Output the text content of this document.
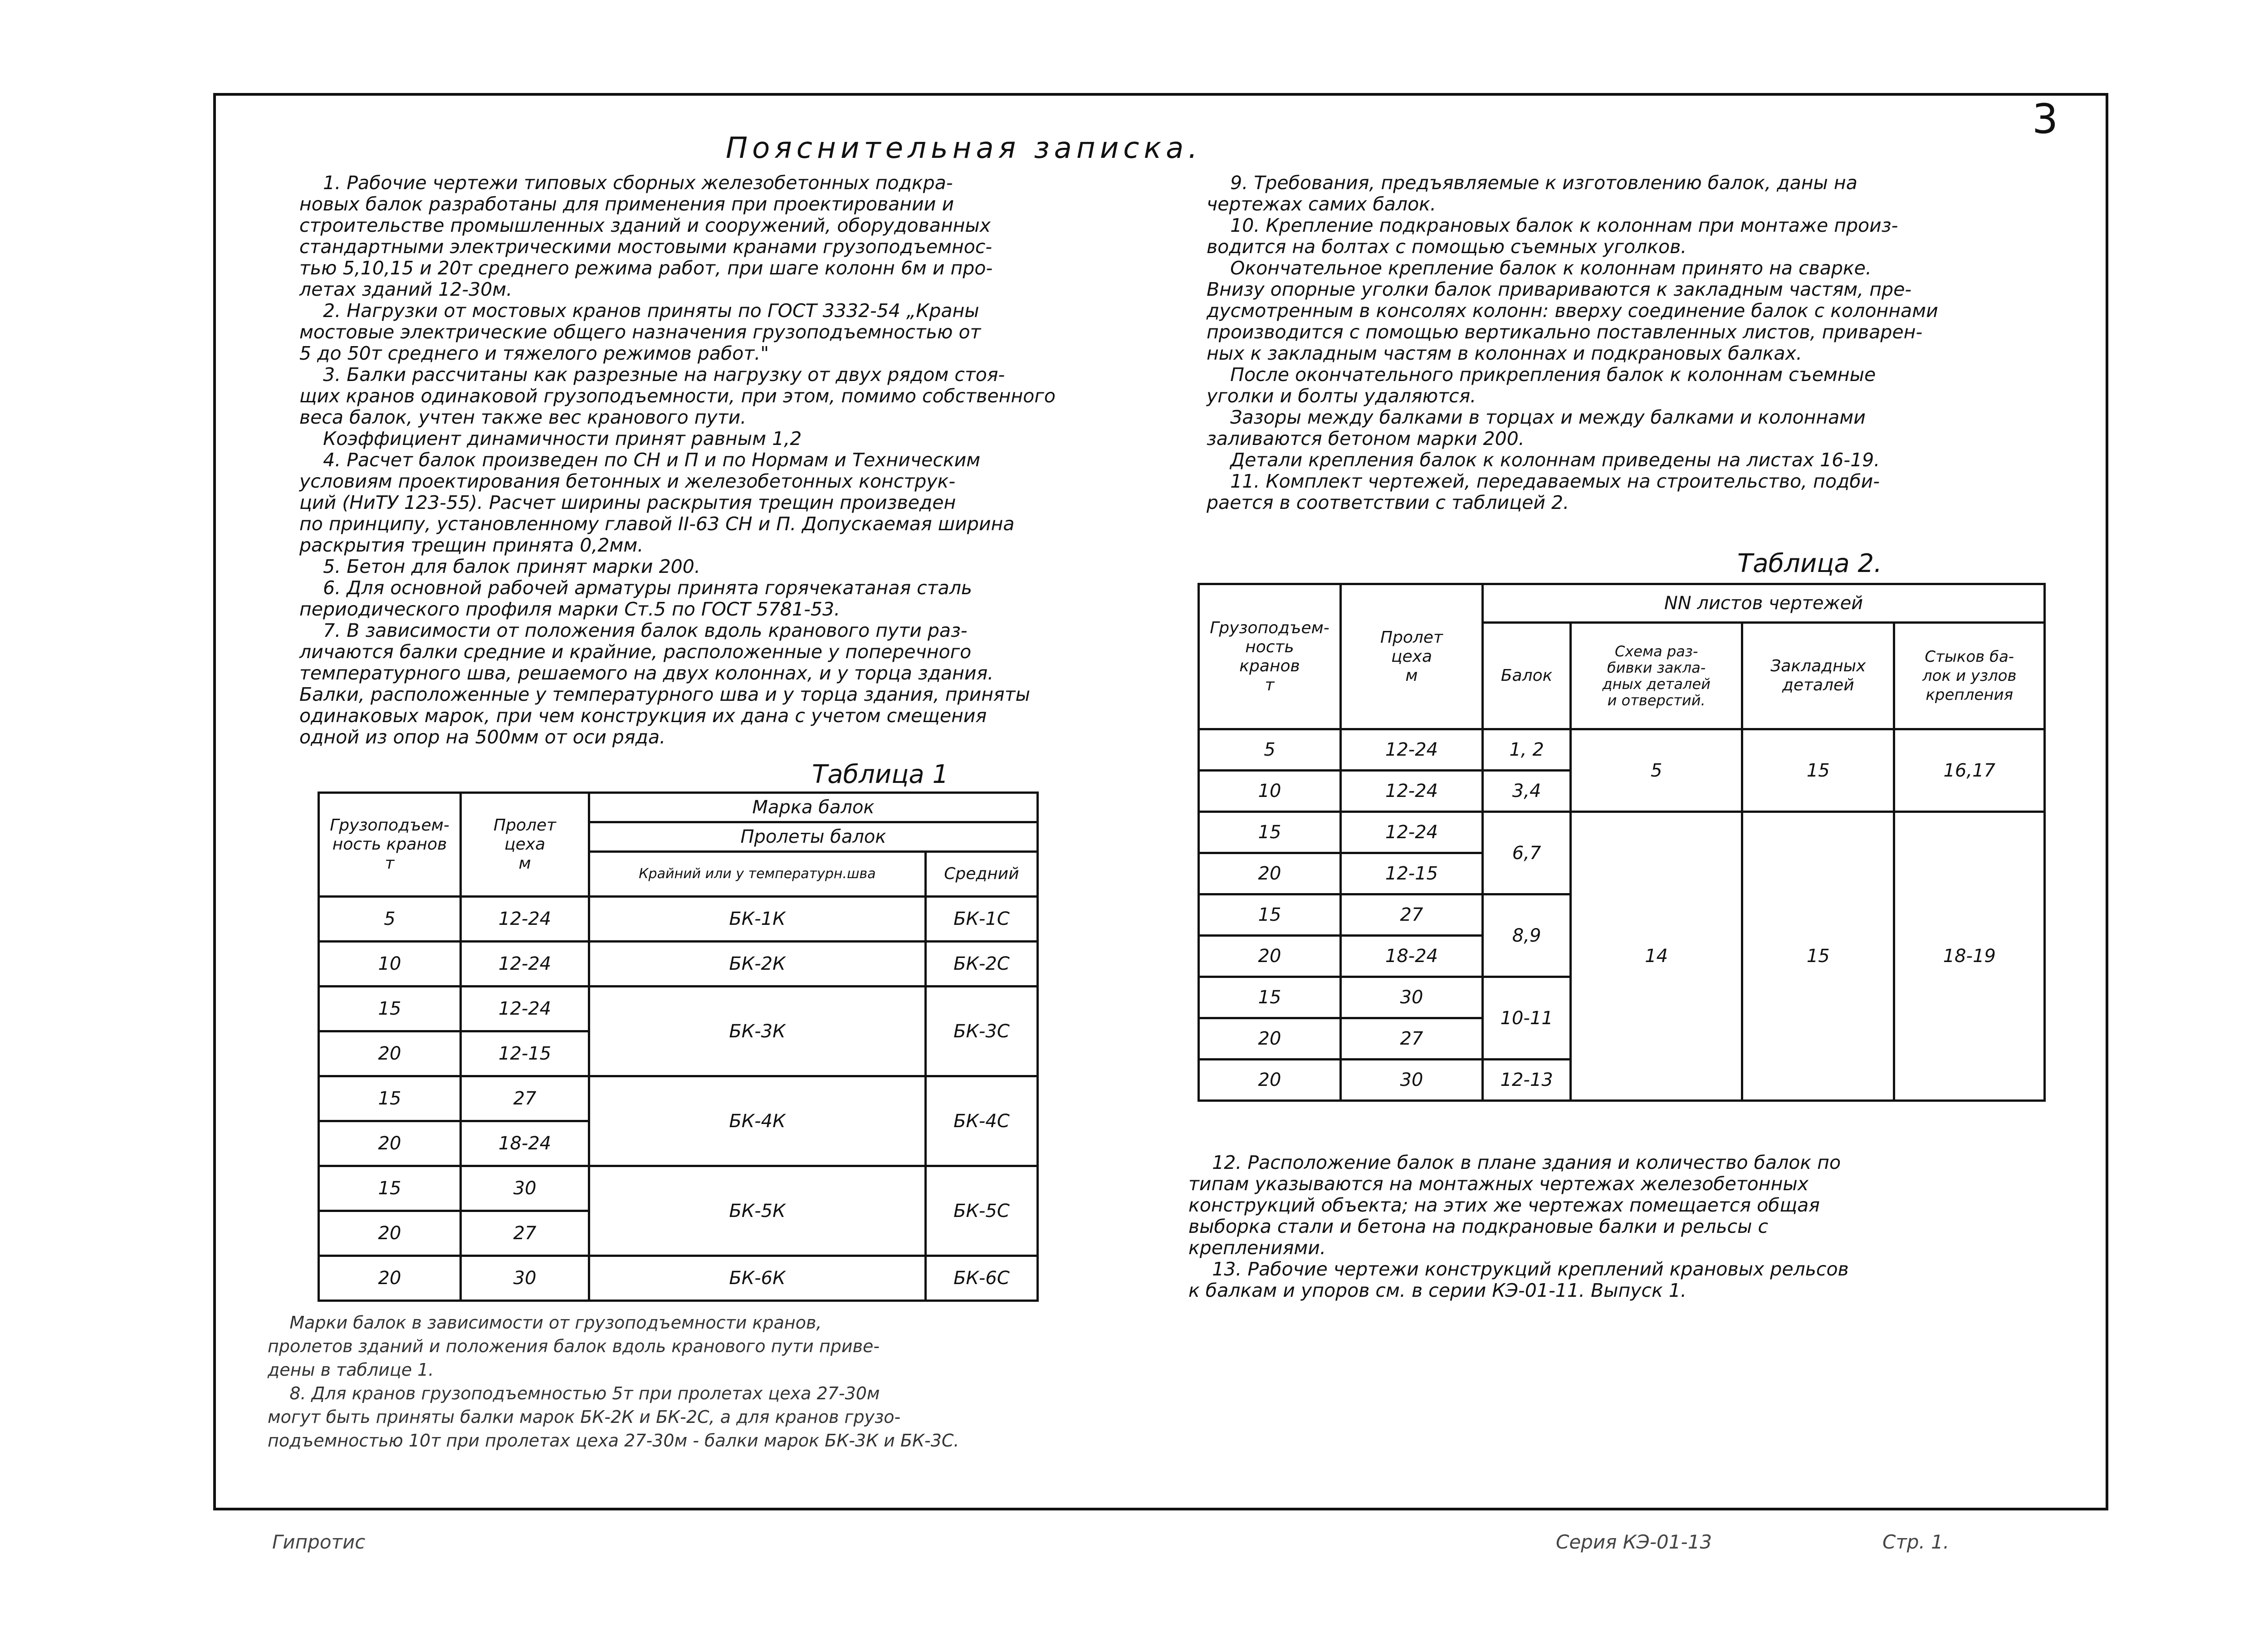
3
Пояснительная записка.
1. Рабочие чертежи типовых сборных железобетонных подкра-
новых балок разработаны для применения при проектировании и
строительстве промышленных зданий и сооружений, оборудованных
стандартными электрическими мостовыми кранами грузоподъемнос-
тью 5,10,15 и 20т среднего режима работ, при шаге колонн 6м и про-
летах зданий 12-30м.
2. Нагрузки от мостовых кранов приняты по ГОСТ 3332-54 „Краны
мостовые электрические общего назначения грузоподъемностью от
5 до 50т среднего и тяжелого режимов работ."
3. Балки рассчитаны как разрезные на нагрузку от двух рядом стоя-
щих кранов одинаковой грузоподъемности, при этом, помимо собственного
веса балок, учтен также вес кранового пути.
Коэффициент динамичности принят равным 1,2
4. Расчет балок произведен по СН и П и по Нормам и Техническим
условиям проектирования бетонных и железобетонных конструк-
ций (НиТУ 123-55). Расчет ширины раскрытия трещин произведен
по принципу, установленному главой II-63 СН и П. Допускаемая ширина
раскрытия трещин принята 0,2мм.
5. Бетон для балок принят марки 200.
6. Для основной рабочей арматуры принята горячекатаная сталь
периодического профиля марки Ст.5 по ГОСТ 5781-53.
7. В зависимости от положения балок вдоль кранового пути раз-
личаются балки средние и крайние, расположенные у поперечного
температурного шва, решаемого на двух колоннах, и у торца здания.
Балки, расположенные у температурного шва и у торца здания, приняты
одинаковых марок, при чем конструкция их дана с учетом смещения
одной из опор на 500мм от оси ряда.
9. Требования, предъявляемые к изготовлению балок, даны на
чертежах самих балок.
10. Крепление подкрановых балок к колоннам при монтаже произ-
водится на болтах с помощью съемных уголков.
Окончательное крепление балок к колоннам принято на сварке.
Внизу опорные уголки балок привариваются к закладным частям, пре-
дусмотренным в консолях колонн: вверху соединение балок с колоннами
производится с помощью вертикально поставленных листов, приварен-
ных к закладным частям в колоннах и подкрановых балках.
После окончательного прикрепления балок к колоннам съемные
уголки и болты удаляются.
Зазоры между балками в торцах и между балками и колоннами
заливаются бетоном марки 200.
Детали крепления балок к колоннам приведены на листах 16-19.
11. Комплект чертежей, передаваемых на строительство, подби-
рается в соответствии с таблицей 2.
Таблица 1
Грузоподъем-
ность кранов
т	Пролет
цеха
м	Марка балок	
		Пролеты балок	
		Крайний или у температурн.шва	Средний
5	12-24	БК-1К	БК-1С
10	12-24	БК-2К	БК-2С
15	12-24	БК-3К	БК-3С
20	12-15		
15	27	БК-4К	БК-4С
20	18-24		
15	30	БК-5К	БК-5С
20	27		
20	30	БК-6К	БК-6С
Таблица 2.
Грузоподъем-
ность
кранов
т	Пролет
цеха
м	NN листов чертежей			
		Балок	Схема раз-
бивки закла-
дных деталей
и отверстий.	Закладных
деталей	Стыков ба-
лок и узлов
крепления
5	12-24	1, 2	5	15	16,17
10	12-24	3,4			
15	12-24	6,7	14	15	18-19
20	12-15				
15	27	8,9			
20	18-24				
15	30	10-11			
20	27				
20	30	12-13			
12. Расположение балок в плане здания и количество балок по
типам указываются на монтажных чертежах железобетонных
конструкций объекта; на этих же чертежах помещается общая
выборка стали и бетона на подкрановые балки и рельсы с
креплениями.
13. Рабочие чертежи конструкций креплений крановых рельсов
к балкам и упоров см. в серии КЭ-01-11. Выпуск 1.
Марки балок в зависимости от грузоподъемности кранов,
пролетов зданий и положения балок вдоль кранового пути приве-
дены в таблице 1.
8. Для кранов грузоподъемностью 5т при пролетах цеха 27-30м
могут быть приняты балки марок БК-2К и БК-2С, а для кранов грузо-
подъемностью 10т при пролетах цеха 27-30м - балки марок БК-3К и БК-3С.
Гипротис	Серия КЭ-01-13	Стр. 1.
